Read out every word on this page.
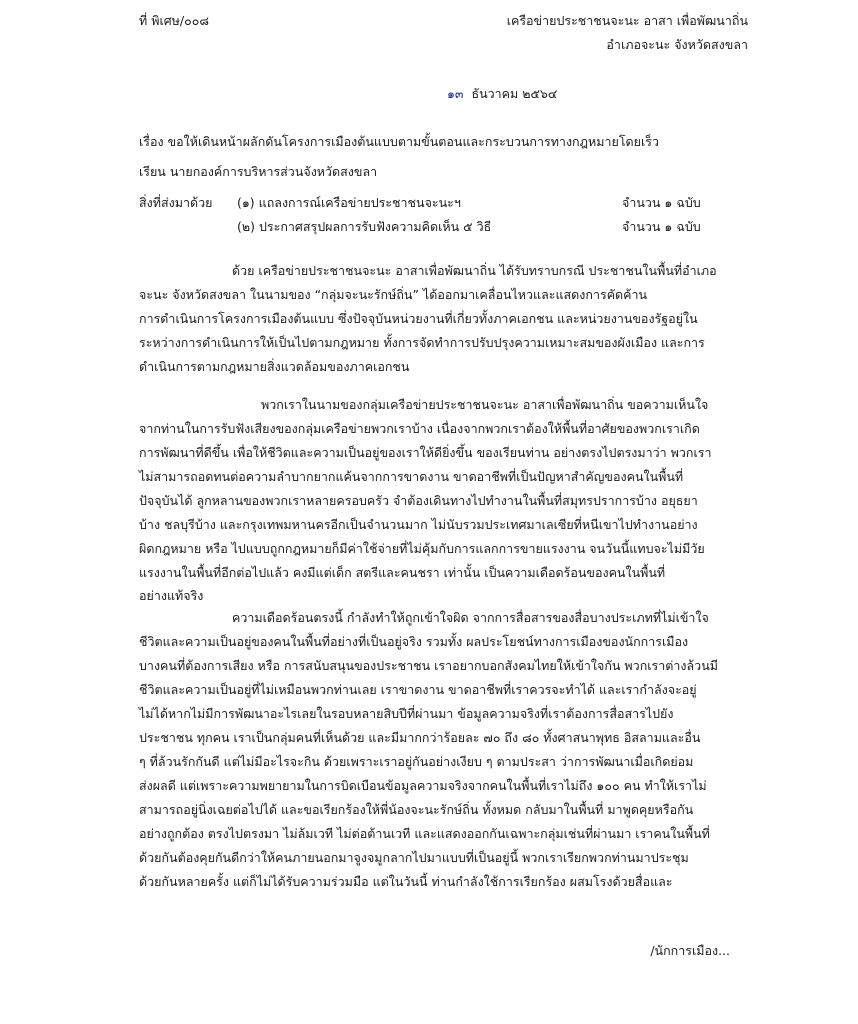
ที่ พิเศษ/๐๐๘	เครือข่ายประชาชนจะนะ อาสา เพื่อพัฒนาถิ่น
อำเภอจะนะ จังหวัดสงขลา
๑๓ ธันวาคม ๒๕๖๔
เรื่อง ขอให้เดินหน้าผลักดันโครงการเมืองต้นแบบตามขั้นตอนและกระบวนการทางกฎหมายโดยเร็ว
เรียน นายกองค์การบริหารส่วนจังหวัดสงขลา
สิ่งที่ส่งมาด้วย (๑) แถลงการณ์เครือข่ายประชาชนจะนะฯ	จำนวน ๑ ฉบับ
(๒) ประกาศสรุปผลการรับฟังความคิดเห็น ๕ วิธี	จำนวน ๑ ฉบับ
ด้วย เครือข่ายประชาชนจะนะ อาสาเพื่อพัฒนาถิ่น ได้รับทราบกรณี ประชาชนในพื้นที่อำเภอ
จะนะ จังหวัดสงขลา ในนามของ “กลุ่มจะนะรักษ์ถิ่น” ได้ออกมาเคลื่อนไหวและแสดงการคัดค้าน
การดำเนินการโครงการเมืองต้นแบบ ซึ่งปัจจุบันหน่วยงานที่เกี่ยวทั้งภาคเอกชน และหน่วยงานของรัฐอยู่ใน
ระหว่างการดำเนินการให้เป็นไปตามกฎหมาย ทั้งการจัดทำการปรับปรุงความเหมาะสมของผังเมือง และการ
ดำเนินการตามกฎหมายสิ่งแวดล้อมของภาคเอกชน
พวกเราในนามของกลุ่มเครือข่ายประชาชนจะนะ อาสาเพื่อพัฒนาถิ่น ขอความเห็นใจ
จากท่านในการรับฟังเสียงของกลุ่มเครือข่ายพวกเราบ้าง เนื่องจากพวกเราต้องให้พื้นที่อาศัยของพวกเราเกิด
การพัฒนาที่ดีขึ้น เพื่อให้ชีวิตและความเป็นอยู่ของเราให้ดียิ่งขึ้น ของเรียนท่าน อย่างตรงไปตรงมาว่า พวกเรา
ไม่สามารถอดทนต่อความลำบากยากแค้นจากการขาดงาน ขาดอาชีพที่เป็นปัญหาสำคัญของคนในพื้นที่
ปัจจุบันได้ ลูกหลานของพวกเราหลายครอบครัว จำต้องเดินทางไปทำงานในพื้นที่สมุทรปราการบ้าง อยุธยา
บ้าง ชลบุรีบ้าง และกรุงเทพมหานครอีกเป็นจำนวนมาก ไม่นับรวมประเทศมาเลเซียที่หนีเขาไปทำงานอย่าง
ผิดกฎหมาย หรือ ไปแบบถูกกฎหมายก็มีค่าใช้จ่ายที่ไม่คุ้มกับการแลกการขายแรงงาน จนวันนี้แทบจะไม่มีวัย
แรงงานในพื้นที่อีกต่อไปแล้ว คงมีแต่เด็ก สตรีและคนชรา เท่านั้น เป็นความเดือดร้อนของคนในพื้นที่
อย่างแท้จริง
ความเดือดร้อนตรงนี้ กำลังทำให้ถูกเข้าใจผิด จากการสื่อสารของสื่อบางประเภทที่ไม่เข้าใจ
ชีวิตและความเป็นอยู่ของคนในพื้นที่อย่างที่เป็นอยู่จริง รวมทั้ง ผลประโยชน์ทางการเมืองของนักการเมือง
บางคนที่ต้องการเสียง หรือ การสนับสนุนของประชาชน เราอยากบอกสังคมไทยให้เข้าใจกัน พวกเราต่างล้วนมี
ชีวิตและความเป็นอยู่ที่ไม่เหมือนพวกท่านเลย เราขาดงาน ขาดอาชีพที่เราควรจะทำได้ และเรากำลังจะอยู่
ไม่ได้หากไม่มีการพัฒนาอะไรเลยในรอบหลายสิบปีที่ผ่านมา ข้อมูลความจริงที่เราต้องการสื่อสารไปยัง
ประชาชน ทุกคน เราเป็นกลุ่มคนที่เห็นด้วย และมีมากกว่าร้อยละ ๗๐ ถึง ๘๐ ทั้งศาสนาพุทธ อิสลามและอื่น
ๆ ที่ล้วนรักกันดี แต่ไม่มีอะไรจะกิน ด้วยเพราะเราอยู่กันอย่างเงียบ ๆ ตามประสา ว่าการพัฒนาเมื่อเกิดย่อม
ส่งผลดี แต่เพราะความพยายามในการบิดเบือนข้อมูลความจริงจากคนในพื้นที่เราไม่ถึง ๑๐๐ คน ทำให้เราไม่
สามารถอยู่นิ่งเฉยต่อไปได้ และขอเรียกร้องให้พี่น้องจะนะรักษ์ถิ่น ทั้งหมด กลับมาในพื้นที่ มาพูดคุยหรือกัน
อย่างถูกต้อง ตรงไปตรงมา ไม่ล้มเวที ไม่ต่อต้านเวที และแสดงออกกันเฉพาะกลุ่มเช่นที่ผ่านมา เราคนในพื้นที่
ด้วยกันต้องคุยกันดีกว่าให้คนภายนอกมาจูงจมูกลากไปมาแบบที่เป็นอยู่นี้ พวกเราเรียกพวกท่านมาประชุม
ด้วยกันหลายครั้ง แต่ก็ไม่ได้รับความร่วมมือ แต่ในวันนี้ ท่านกำลังใช้การเรียกร้อง ผสมโรงด้วยสื่อและ
/นักการเมือง...
